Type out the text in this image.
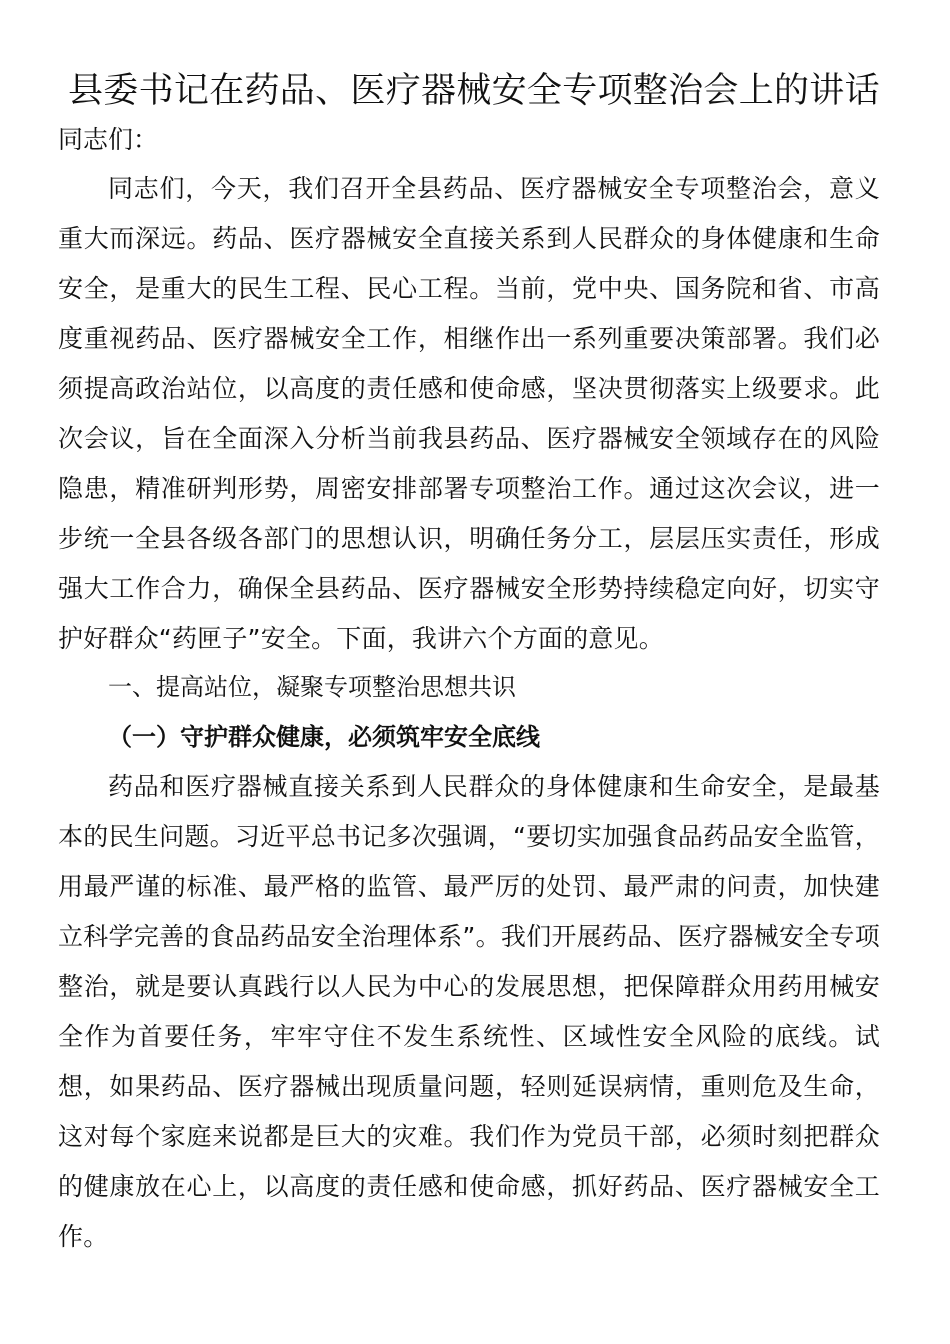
县委书记在药品、医疗器械安全专项整治会上的讲话

同志们：

同志们，今天，我们召开全县药品、医疗器械安全专项整治会，意义重大而深远。药品、医疗器械安全直接关系到人民群众的身体健康和生命安全，是重大的民生工程、民心工程。当前，党中央、国务院和省、市高度重视药品、医疗器械安全工作，相继作出一系列重要决策部署。我们必须提高政治站位，以高度的责任感和使命感，坚决贯彻落实上级要求。此次会议，旨在全面深入分析当前我县药品、医疗器械安全领域存在的风险隐患，精准研判形势，周密安排部署专项整治工作。通过这次会议，进一步统一全县各级各部门的思想认识，明确任务分工，层层压实责任，形成强大工作合力，确保全县药品、医疗器械安全形势持续稳定向好，切实守护好群众“药匣子”安全。下面，我讲六个方面的意见。

一、提高站位，凝聚专项整治思想共识
（一）守护群众健康，必须筑牢安全底线

药品和医疗器械直接关系到人民群众的身体健康和生命安全，是最基本的民生问题。习近平总书记多次强调，“要切实加强食品药品安全监管，用最严谨的标准、最严格的监管、最严厉的处罚、最严肃的问责，加快建立科学完善的食品药品安全治理体系”。我们开展药品、医疗器械安全专项整治，就是要认真践行以人民为中心的发展思想，把保障群众用药用械安全作为首要任务，牢牢守住不发生系统性、区域性安全风险的底线。试想，如果药品、医疗器械出现质量问题，轻则延误病情，重则危及生命，这对每个家庭来说都是巨大的灾难。我们作为党员干部，必须时刻把群众的健康放在心上，以高度的责任感和使命感，抓好药品、医疗器械安全工作。
